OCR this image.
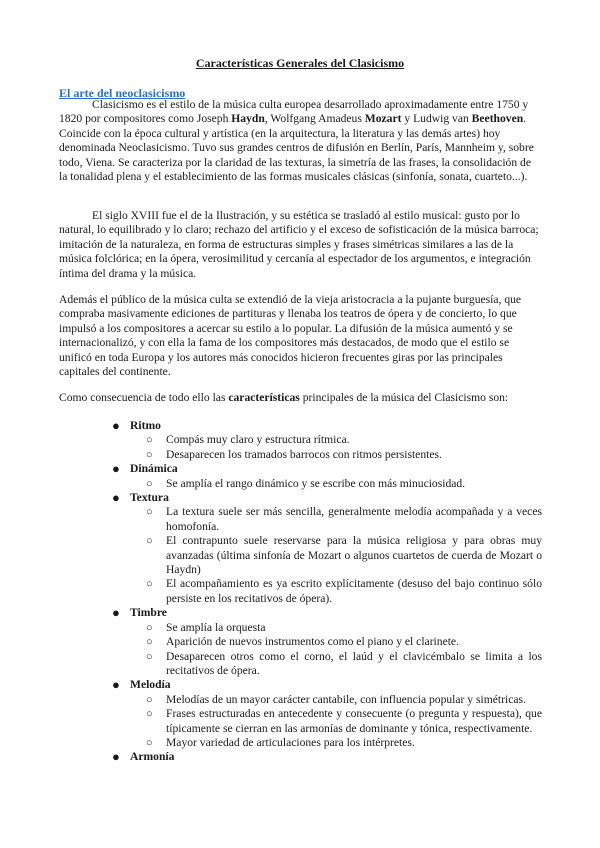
Características Generales del Clasicismo
El arte del neoclasicismo

Clasicismo es el estilo de la música culta europea desarrollado aproximadamente entre 1750 y 1820 por compositores como Joseph Haydn, Wolfgang Amadeus Mozart y Ludwig van Beethoven. Coincide con la época cultural y artística (en la arquitectura, la literatura y las demás artes) hoy denominada Neoclasicismo. Tuvo sus grandes centros de difusión en Berlín, París, Mannheim y, sobre todo, Viena. Se caracteriza por la claridad de las texturas, la simetría de las frases, la consolidación de la tonalidad plena y el establecimiento de las formas musicales clásicas (sinfonía, sonata, cuarteto...).

El siglo XVIII fue el de la Ilustración, y su estética se trasladó al estilo musical: gusto por lo natural, lo equilibrado y lo claro; rechazo del artificio y el exceso de sofisticación de la música barroca; imitación de la naturaleza, en forma de estructuras simples y frases simétricas similares a las de la música folclórica; en la ópera, verosimilitud y cercanía al espectador de los argumentos, e integración íntima del drama y la música.

Además el público de la música culta se extendió de la vieja aristocracia a la pujante burguesía, que compraba masivamente ediciones de partituras y llenaba los teatros de ópera y de concierto, lo que impulsó a los compositores a acercar su estilo a lo popular. La difusión de la música aumentó y se internacionalizó, y con ella la fama de los compositores más destacados, de modo que el estilo se unificó en toda Europa y los autores más conocidos hicieron frecuentes giras por las principales capitales del continente.

Como consecuencia de todo ello las características principales de la música del Clasicismo son:

● Ritmo
○ Compás muy claro y estructura rítmica.
○ Desaparecen los tramados barrocos con ritmos persistentes.
● Dinámica
○ Se amplía el rango dinámico y se escribe con más minuciosidad.
● Textura
○ La textura suele ser más sencilla, generalmente melodía acompañada y a veces homofonía.
○ El contrapunto suele reservarse para la música religiosa y para obras muy avanzadas (última sinfonía de Mozart o algunos cuartetos de cuerda de Mozart o Haydn)
○ El acompañamiento es ya escrito explícitamente (desuso del bajo continuo sólo persiste en los recitativos de ópera).
● Timbre
○ Se amplía la orquesta
○ Aparición de nuevos instrumentos como el piano y el clarinete.
○ Desaparecen otros como el corno, el laúd y el clavicémbalo se limita a los recitativos de ópera.
● Melodía
○ Melodías de un mayor carácter cantabile, con influencia popular y simétricas.
○ Frases estructuradas en antecedente y consecuente (o pregunta y respuesta), que típicamente se cierran en las armonías de dominante y tónica, respectivamente.
○ Mayor variedad de articulaciones para los intérpretes.
● Armonía
